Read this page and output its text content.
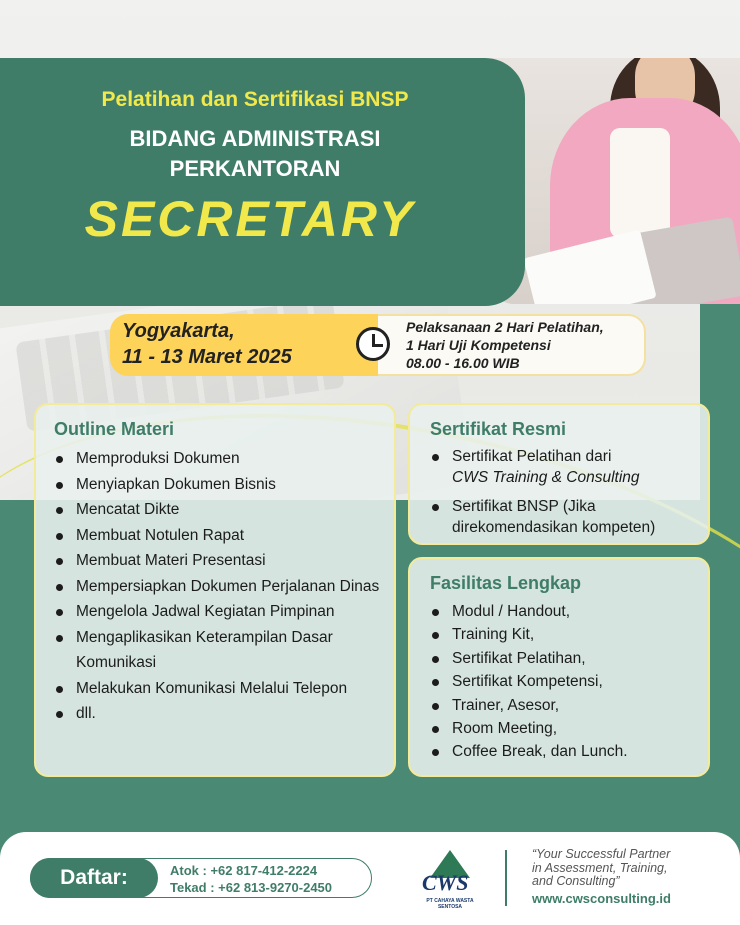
Pelatihan dan Sertifikasi BNSP
BIDANG ADMINISTRASI
PERKANTORAN
SECRETARY
Yogyakarta,
11 - 13 Maret 2025
Pelaksanaan 2 Hari Pelatihan,
1 Hari Uji Kompetensi
08.00 - 16.00 WIB
Outline Materi
Memproduksi Dokumen
Menyiapkan Dokumen Bisnis
Mencatat Dikte
Membuat Notulen Rapat
Membuat Materi Presentasi
Mempersiapkan Dokumen Perjalanan Dinas
Mengelola Jadwal Kegiatan Pimpinan
Mengaplikasikan Keterampilan Dasar Komunikasi
Melakukan Komunikasi Melalui Telepon
dll.
Sertifikat Resmi
Sertifikat Pelatihan dari
CWS Training & Consulting
Sertifikat BNSP (Jika direkomendasikan kompeten)
Fasilitas Lengkap
Modul / Handout,
Training Kit,
Sertifikat Pelatihan,
Sertifikat Kompetensi,
Trainer, Asesor,
Room Meeting,
Coffee Break, dan Lunch.
Daftar:	Atok : +62 817-412-2224
Tekad : +62 813-9270-2450	CWS
PT CAHAYA WASTA SENTOSA
“Your Successful Partner
in Assessment, Training,
and Consulting”
www.cwsconsulting.id
